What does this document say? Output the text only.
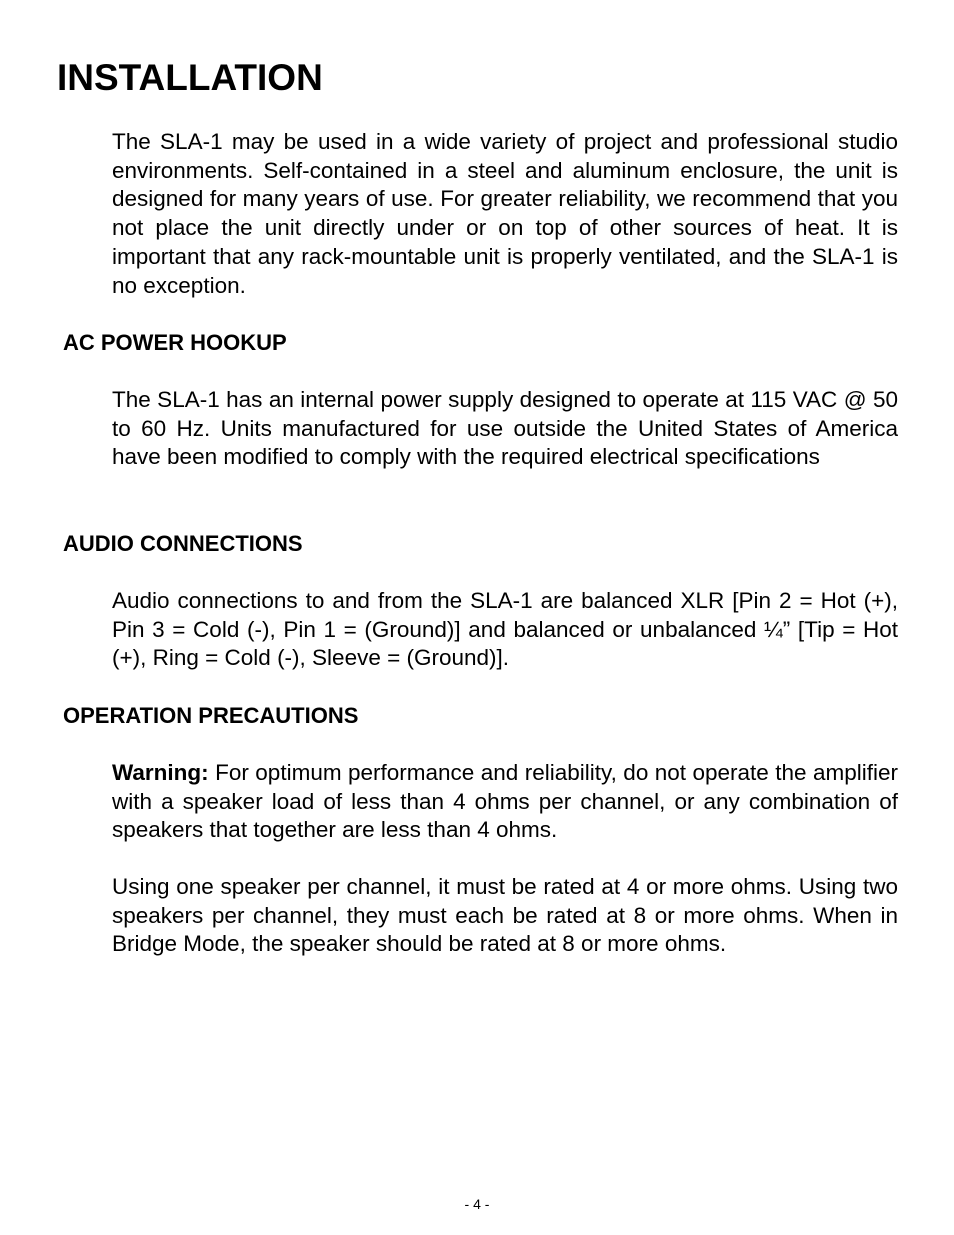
INSTALLATION

The SLA-1 may be used in a wide variety of project and professional studio environments. Self-contained in a steel and aluminum enclosure, the unit is designed for many years of use. For greater reliability, we recommend that you not place the unit directly under or on top of other sources of heat. It is important that any rack-mountable unit is properly ventilated, and the SLA-1 is no exception.

AC POWER HOOKUP

The SLA-1 has an internal power supply designed to operate at 115 VAC @ 50 to 60 Hz. Units manufactured for use outside the United States of America have been modified to comply with the required electrical specifications

AUDIO CONNECTIONS

Audio connections to and from the SLA-1 are balanced XLR [Pin 2 = Hot (+), Pin 3 = Cold (-), Pin 1 = (Ground)] and balanced or unbalanced ¼” [Tip = Hot (+), Ring = Cold (-), Sleeve = (Ground)].

OPERATION PRECAUTIONS

Warning: For optimum performance and reliability, do not operate the amplifier with a speaker load of less than 4 ohms per channel, or any combination of speakers that together are less than 4 ohms.

Using one speaker per channel, it must be rated at 4 or more ohms. Using two speakers per channel, they must each be rated at 8 or more ohms. When in Bridge Mode, the speaker should be rated at 8 or more ohms.

- 4 -
